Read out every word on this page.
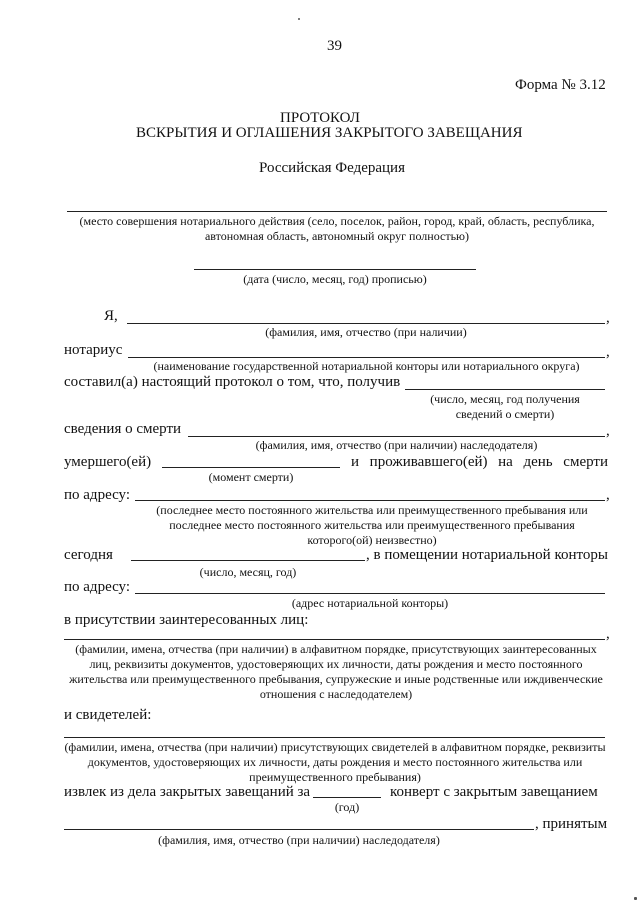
39
Форма № 3.12
ПРОТОКОЛ
ВСКРЫТИЯ И ОГЛАШЕНИЯ ЗАКРЫТОГО ЗАВЕЩАНИЯ
Российская Федерация
(место совершения нотариального действия (село, поселок, район, город, край, область, республика, автономная область, автономный округ полностью)
(дата (число, месяц, год) прописью)
Я,	,
(фамилия, имя, отчество (при наличии)
нотариус	,
(наименование государственной нотариальной конторы или нотариального округа)
составил(а) настоящий протокол о том, что, получив
(число, месяц, год получения сведений о смерти)
сведения о смерти	,
(фамилия, имя, отчество (при наличии) наследодателя)
умершего(ей)	и проживавшего(ей) на день смерти
(момент смерти)
по адресу:	,
(последнее место постоянного жительства или преимущественного пребывания или последнее место постоянного жительства или преимущественного пребывания которого(ой) неизвестно)
сегодня	, в помещении нотариальной конторы
(число, месяц, год)
по адресу:
(адрес нотариальной конторы)
в присутствии заинтересованных лиц:
,
(фамилии, имена, отчества (при наличии) в алфавитном порядке, присутствующих заинтересованных лиц, реквизиты документов, удостоверяющих их личности, даты рождения и место постоянного жительства или преимущественного пребывания, супружеские и иные родственные или иждивенческие отношения с наследодателем)
и свидетелей:
(фамилии, имена, отчества (при наличии) присутствующих свидетелей в алфавитном порядке, реквизиты документов, удостоверяющих их личности, даты рождения и место постоянного жительства или преимущественного пребывания)
извлек из дела закрытых завещаний за	конверт с закрытым завещанием
(год)
, принятым
(фамилия, имя, отчество (при наличии) наследодателя)
